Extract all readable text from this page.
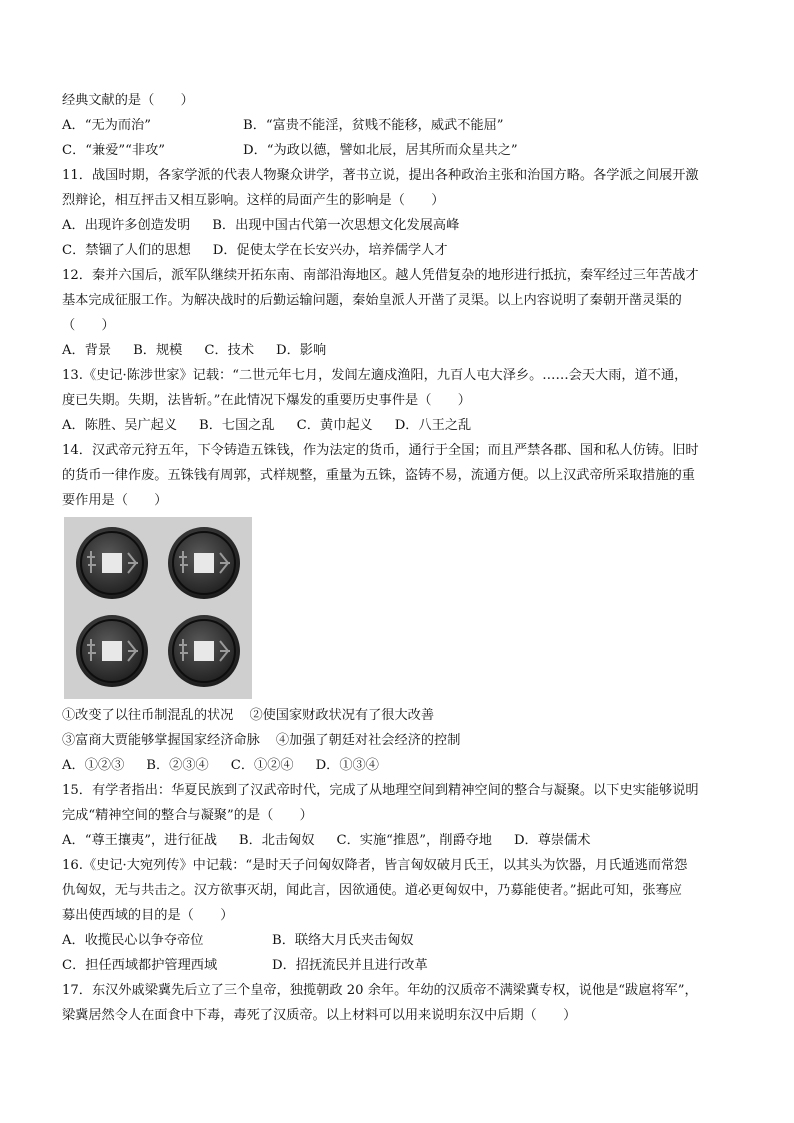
经典文献的是（　　）
A．“无为而治”	B．“富贵不能淫，贫贱不能移，威武不能屈”
C．“兼爱”“非攻”	D．“为政以德，譬如北辰，居其所而众星共之”
11．战国时期，各家学派的代表人物聚众讲学，著书立说，提出各种政治主张和治国方略。各学派之间展开激
烈辩论，相互抨击又相互影响。这样的局面产生的影响是（　　）
A．出现许多创造发明 B．出现中国古代第一次思想文化发展高峰
C．禁锢了人们的思想 D．促使太学在长安兴办，培养儒学人才
12．秦并六国后，派军队继续开拓东南、南部沿海地区。越人凭借复杂的地形进行抵抗，秦军经过三年苦战才
基本完成征服工作。为解决战时的后勤运输问题，秦始皇派人开凿了灵渠。以上内容说明了秦朝开凿灵渠的
（　　）
A．背景 B．规模 C．技术 D．影响
13.《史记·陈涉世家》记载：“二世元年七月，发闾左適戍渔阳，九百人屯大泽乡。……会天大雨，道不通，
度已失期。失期，法皆斩。”在此情况下爆发的重要历史事件是（　　）
A．陈胜、吴广起义 B．七国之乱 C．黄巾起义 D．八王之乱
14．汉武帝元狩五年，下令铸造五铢钱，作为法定的货币，通行于全国；而且严禁各郡、国和私人仿铸。旧时
的货币一律作废。五铢钱有周郭，式样规整，重量为五铢，盗铸不易，流通方便。以上汉武帝所采取措施的重
要作用是（　　）
①改变了以往币制混乱的状况 ②使国家财政状况有了很大改善
③富商大贾能够掌握国家经济命脉 ④加强了朝廷对社会经济的控制
A．①②③ B．②③④ C．①②④ D．①③④
15．有学者指出：华夏民族到了汉武帝时代，完成了从地理空间到精神空间的整合与凝聚。以下史实能够说明
完成“精神空间的整合与凝聚”的是（　　）
A．“尊王攘夷”，进行征战 B．北击匈奴 C．实施“推恩”，削爵夺地 D．尊崇儒术
16.《史记·大宛列传》中记载：“是时天子问匈奴降者，皆言匈奴破月氏王，以其头为饮器，月氏遁逃而常怨
仇匈奴，无与共击之。汉方欲事灭胡，闻此言，因欲通使。道必更匈奴中，乃募能使者。”据此可知，张骞应
募出使西域的目的是（　　）
A．收揽民心以争夺帝位	B．联络大月氏夹击匈奴
C．担任西域都护管理西域	D．招抚流民并且进行改革
17．东汉外戚梁冀先后立了三个皇帝，独揽朝政 20 余年。年幼的汉质帝不满梁冀专权，说他是“跋扈将军”，
梁冀居然令人在面食中下毒，毒死了汉质帝。以上材料可以用来说明东汉中后期（　　）
